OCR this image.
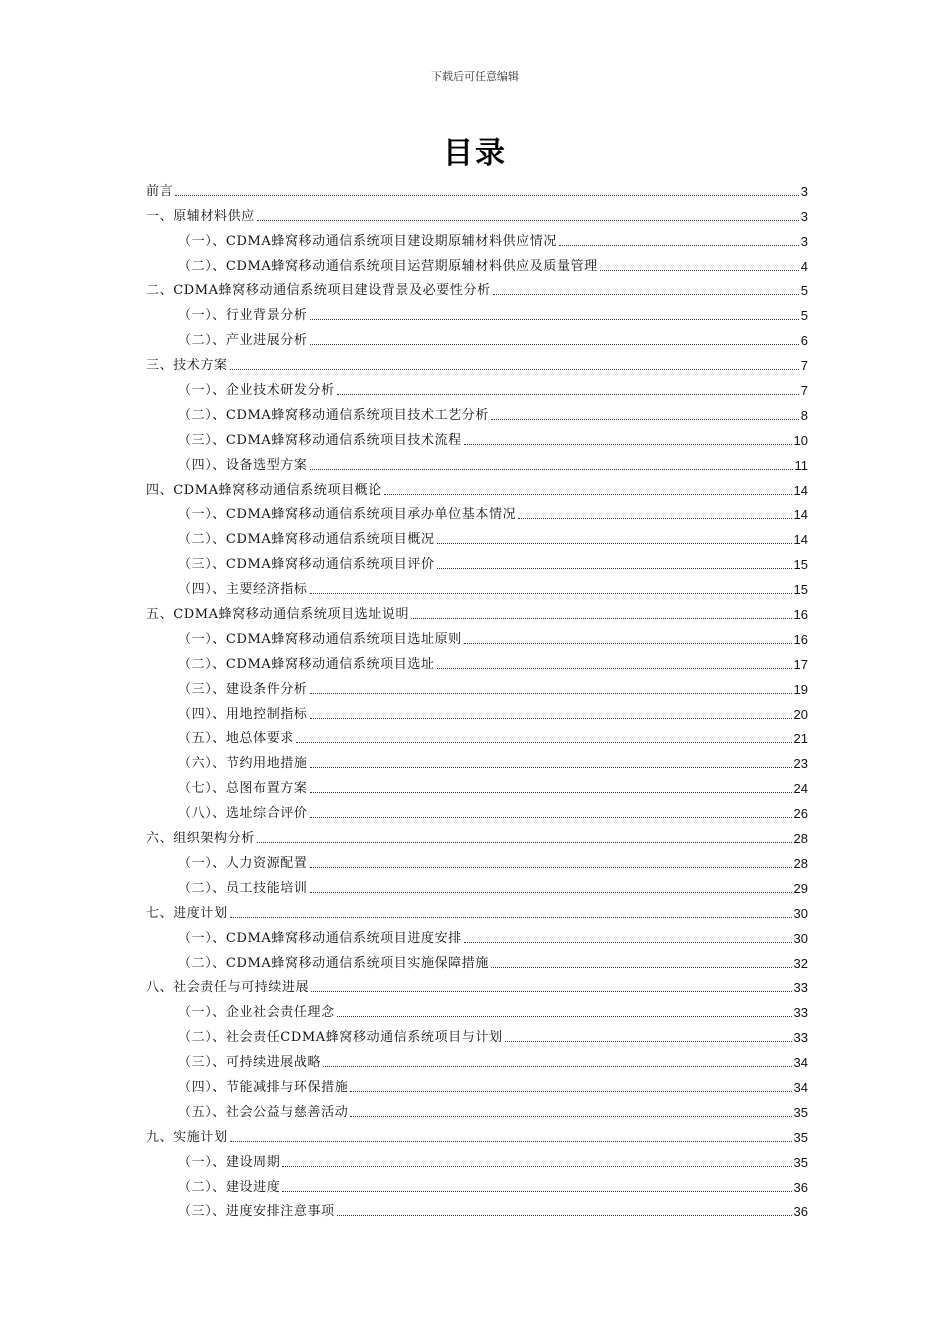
下载后可任意编辑
目录
前言	3
一、原辅材料供应	3
（一）、CDMA蜂窝移动通信系统项目建设期原辅材料供应情况	3
（二）、CDMA蜂窝移动通信系统项目运营期原辅材料供应及质量管理	4
二、CDMA蜂窝移动通信系统项目建设背景及必要性分析	5
（一）、行业背景分析	5
（二）、产业进展分析	6
三、技术方案	7
（一）、企业技术研发分析	7
（二）、CDMA蜂窝移动通信系统项目技术工艺分析	8
（三）、CDMA蜂窝移动通信系统项目技术流程	10
（四）、设备选型方案	11
四、CDMA蜂窝移动通信系统项目概论	14
（一）、CDMA蜂窝移动通信系统项目承办单位基本情况	14
（二）、CDMA蜂窝移动通信系统项目概况	14
（三）、CDMA蜂窝移动通信系统项目评价	15
（四）、主要经济指标	15
五、CDMA蜂窝移动通信系统项目选址说明	16
（一）、CDMA蜂窝移动通信系统项目选址原则	16
（二）、CDMA蜂窝移动通信系统项目选址	17
（三）、建设条件分析	19
（四）、用地控制指标	20
（五）、地总体要求	21
（六）、节约用地措施	23
（七）、总图布置方案	24
（八）、选址综合评价	26
六、组织架构分析	28
（一）、人力资源配置	28
（二）、员工技能培训	29
七、进度计划	30
（一）、CDMA蜂窝移动通信系统项目进度安排	30
（二）、CDMA蜂窝移动通信系统项目实施保障措施	32
八、社会责任与可持续进展	33
（一）、企业社会责任理念	33
（二）、社会责任CDMA蜂窝移动通信系统项目与计划	33
（三）、可持续进展战略	34
（四）、节能减排与环保措施	34
（五）、社会公益与慈善活动	35
九、实施计划	35
（一）、建设周期	35
（二）、建设进度	36
（三）、进度安排注意事项	36
